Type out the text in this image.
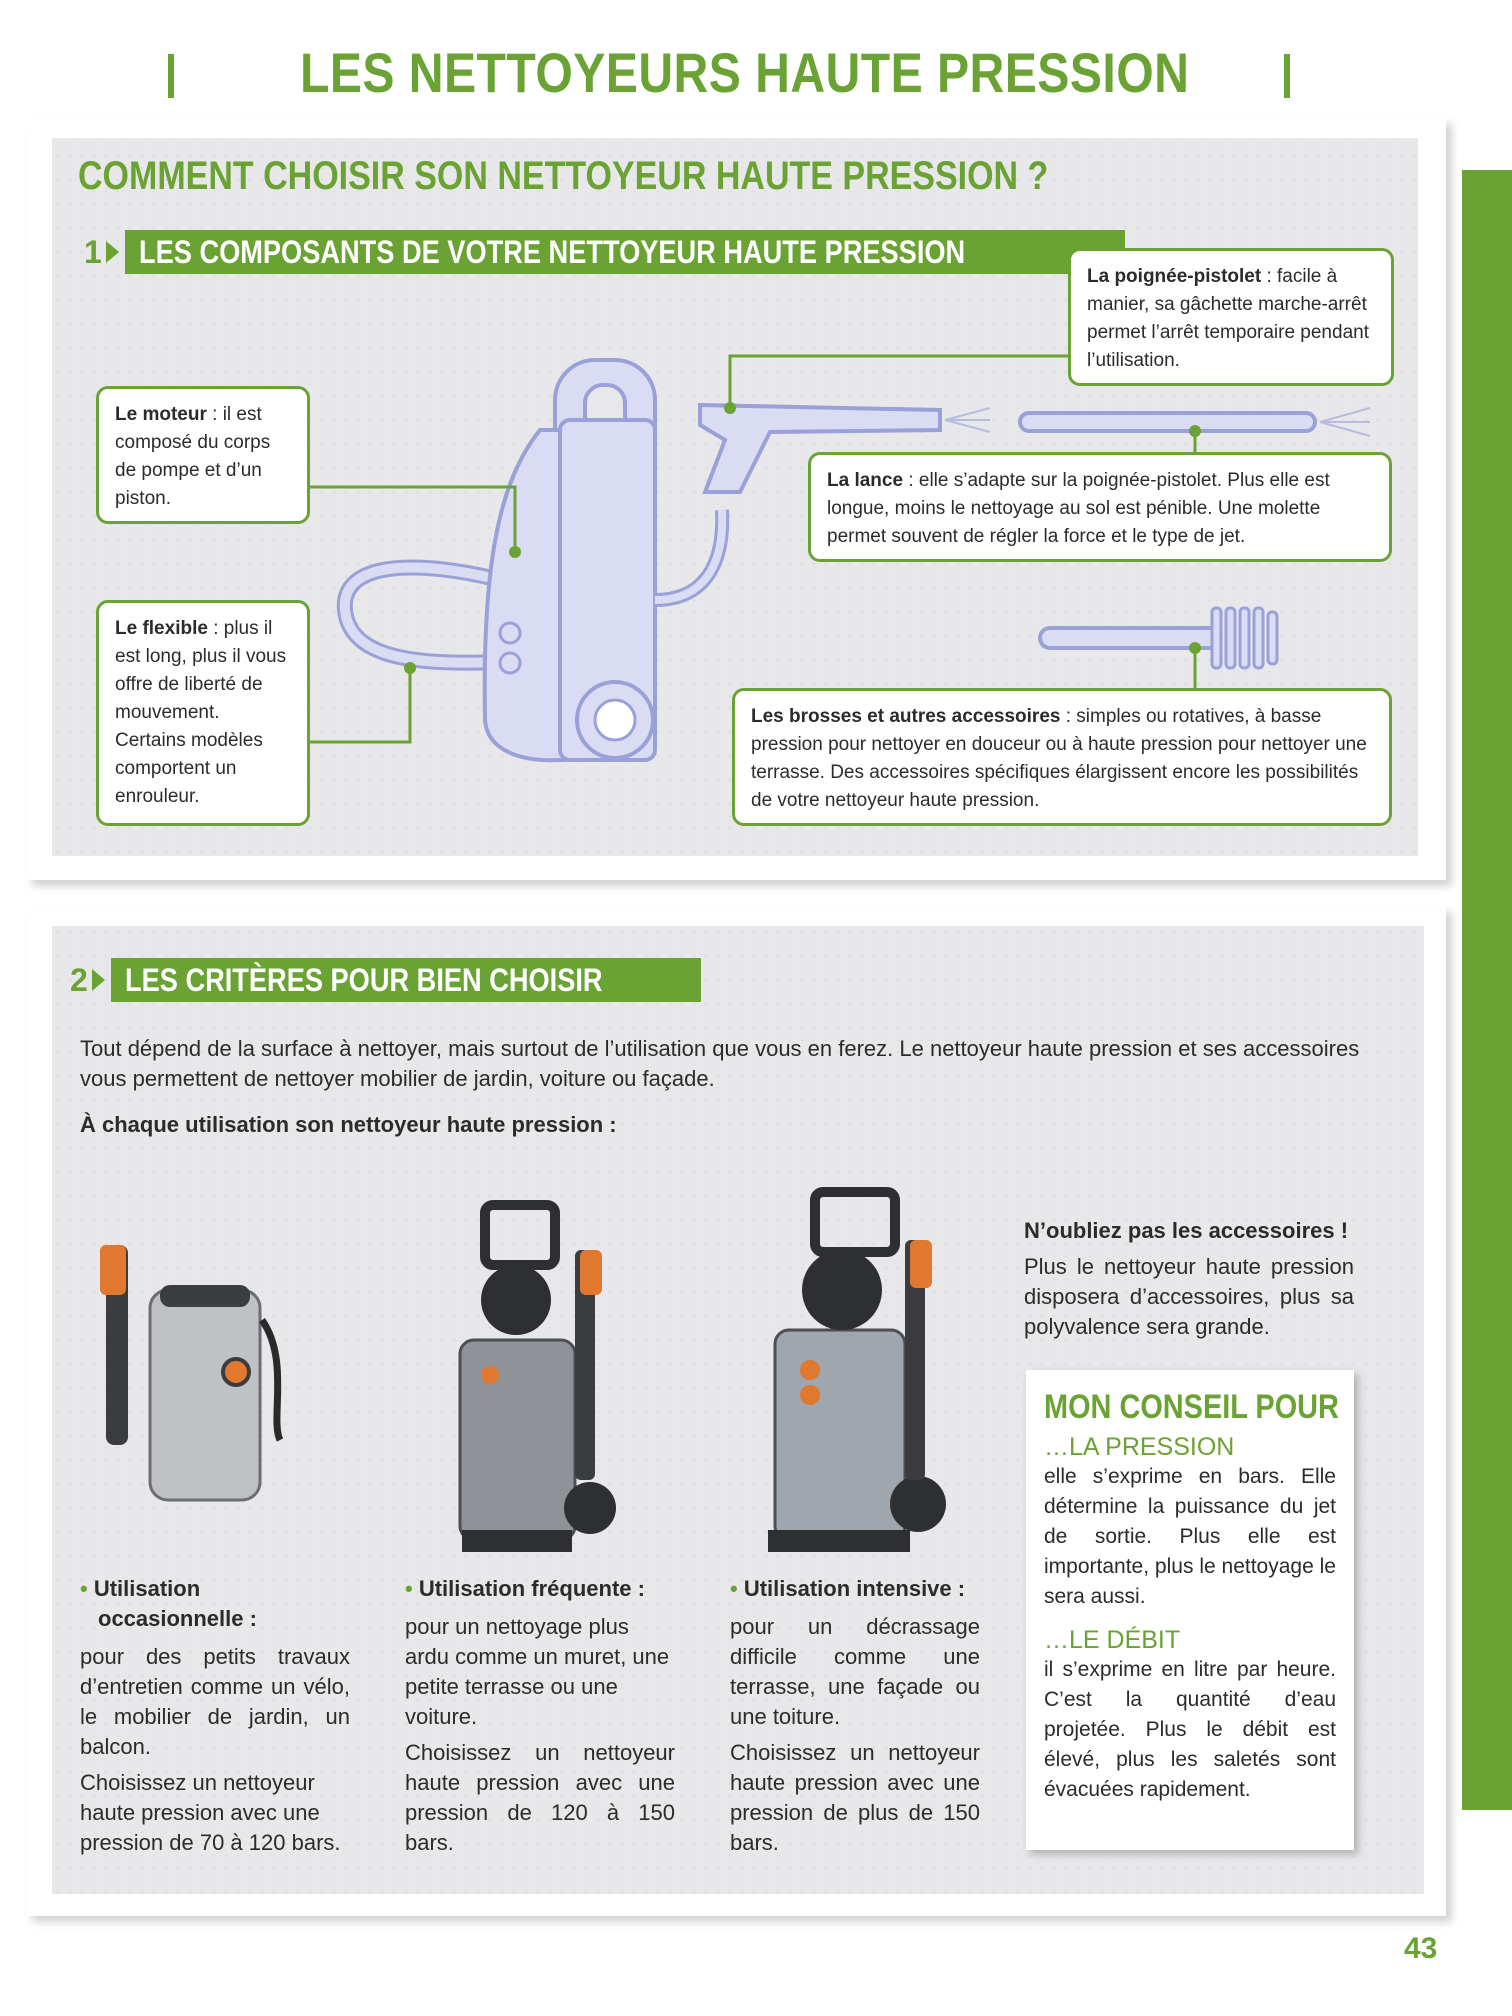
LES NETTOYEURS HAUTE PRESSION
COMMENT CHOISIR SON NETTOYEUR HAUTE PRESSION ?
1	LES COMPOSANTS DE VOTRE NETTOYEUR HAUTE PRESSION
Le moteur : il est composé du corps de pompe et d’un piston.
Le flexible : plus il est long, plus il vous offre de liberté de mouvement. Certains modèles comportent un enrouleur.
La poignée-pistolet : facile à manier, sa gâchette marche-arrêt permet l’arrêt temporaire pendant l’utilisation.
La lance : elle s’adapte sur la poignée-pistolet. Plus elle est longue, moins le nettoyage au sol est pénible. Une molette permet souvent de régler la force et le type de jet.
Les brosses et autres accessoires : simples ou rotatives, à basse pression pour nettoyer en douceur ou à haute pression pour nettoyer une terrasse. Des accessoires spécifiques élargissent encore les possibilités de votre nettoyeur haute pression.
2	LES CRITÈRES POUR BIEN CHOISIR
Tout dépend de la surface à nettoyer, mais surtout de l’utilisation que vous en ferez. Le nettoyeur haute pression et ses accessoires vous permettent de nettoyer mobilier de jardin, voiture ou façade.
À chaque utilisation son nettoyeur haute pression :
• Utilisation occasionnelle :
pour des petits travaux d’entretien comme un vélo, le mobilier de jardin, un balcon.
Choisissez un nettoyeur haute pression avec une pression de 70 à 120 bars.
• Utilisation fréquente :
pour un nettoyage plus ardu comme un muret, une petite terrasse ou une voiture.
Choisissez un nettoyeur haute pression avec une pression de 120 à 150 bars.
• Utilisation intensive :
pour un décrassage difficile comme une terrasse, une façade ou une toiture.
Choisissez un nettoyeur haute pression avec une pression de plus de 150 bars.
N’oubliez pas les accessoires !
Plus le nettoyeur haute pression disposera d’accessoires, plus sa polyvalence sera grande.
MON CONSEIL POUR
…LA PRESSION

elle s’exprime en bars. Elle détermine la puissance du jet de sortie. Plus elle est importante, plus le nettoyage le sera aussi.

…LE DÉBIT

il s’exprime en litre par heure. C’est la quantité d’eau projetée. Plus le débit est élevé, plus les saletés sont évacuées rapidement.

43
